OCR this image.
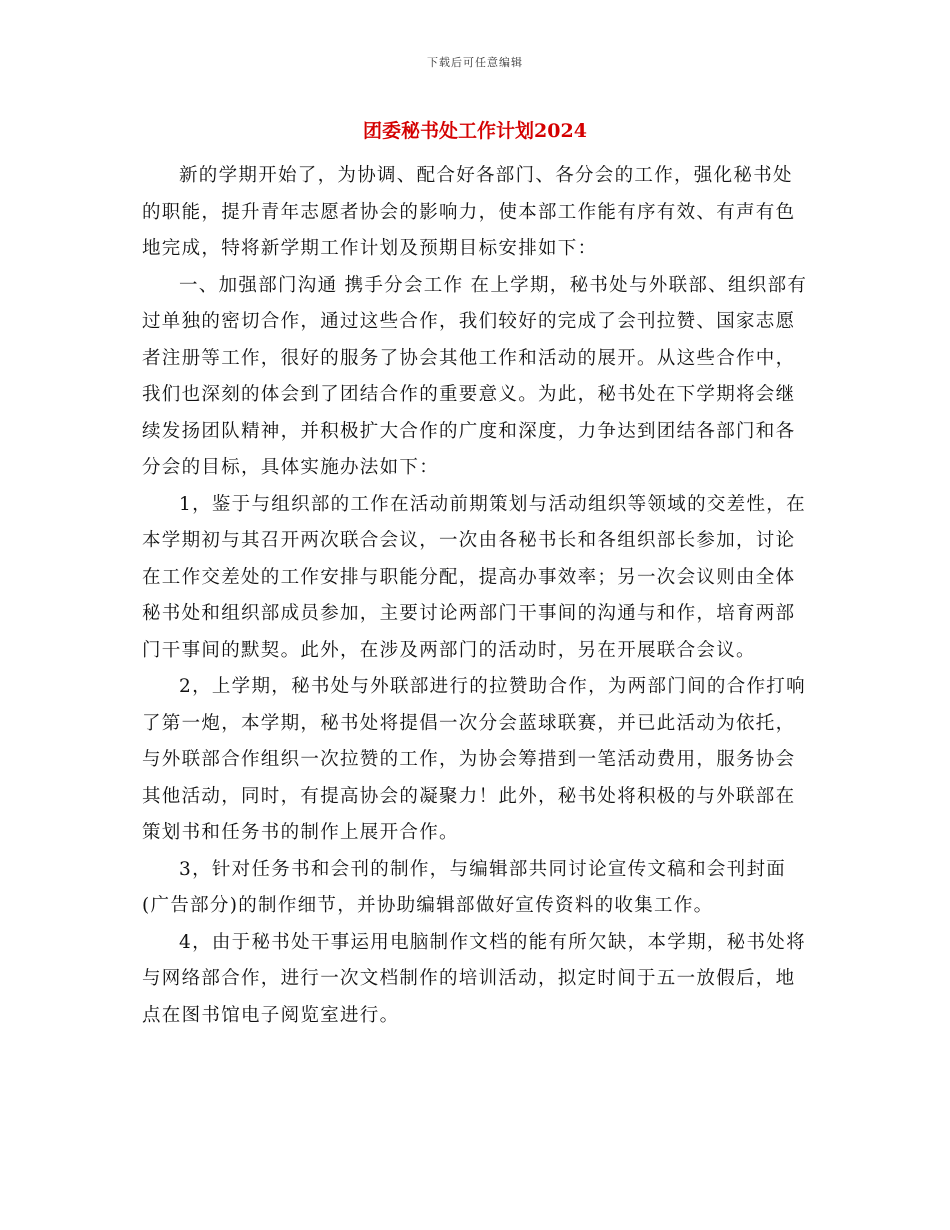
下载后可任意编辑
团委秘书处工作计划2024

新的学期开始了，为协调、配合好各部门、各分会的工作，强化秘书处的职能，提升青年志愿者协会的影响力，使本部工作能有序有效、有声有色地完成，特将新学期工作计划及预期目标安排如下：

一、加强部门沟通 携手分会工作 在上学期，秘书处与外联部、组织部有过单独的密切合作，通过这些合作，我们较好的完成了会刊拉赞、国家志愿者注册等工作，很好的服务了协会其他工作和活动的展开。从这些合作中，我们也深刻的体会到了团结合作的重要意义。为此，秘书处在下学期将会继续发扬团队精神，并积极扩大合作的广度和深度，力争达到团结各部门和各分会的目标，具体实施办法如下：

1，鉴于与组织部的工作在活动前期策划与活动组织等领域的交差性，在本学期初与其召开两次联合会议，一次由各秘书长和各组织部长参加，讨论在工作交差处的工作安排与职能分配，提高办事效率；另一次会议则由全体秘书处和组织部成员参加，主要讨论两部门干事间的沟通与和作，培育两部门干事间的默契。此外，在涉及两部门的活动时，另在开展联合会议。

2，上学期，秘书处与外联部进行的拉赞助合作，为两部门间的合作打响了第一炮，本学期，秘书处将提倡一次分会蓝球联赛，并已此活动为依托，与外联部合作组织一次拉赞的工作，为协会筹措到一笔活动费用，服务协会其他活动，同时，有提高协会的凝聚力！此外，秘书处将积极的与外联部在策划书和任务书的制作上展开合作。

3，针对任务书和会刊的制作，与编辑部共同讨论宣传文稿和会刊封面(广告部分)的制作细节，并协助编辑部做好宣传资料的收集工作。

4，由于秘书处干事运用电脑制作文档的能有所欠缺，本学期，秘书处将与网络部合作，进行一次文档制作的培训活动，拟定时间于五一放假后，地点在图书馆电子阅览室进行。
